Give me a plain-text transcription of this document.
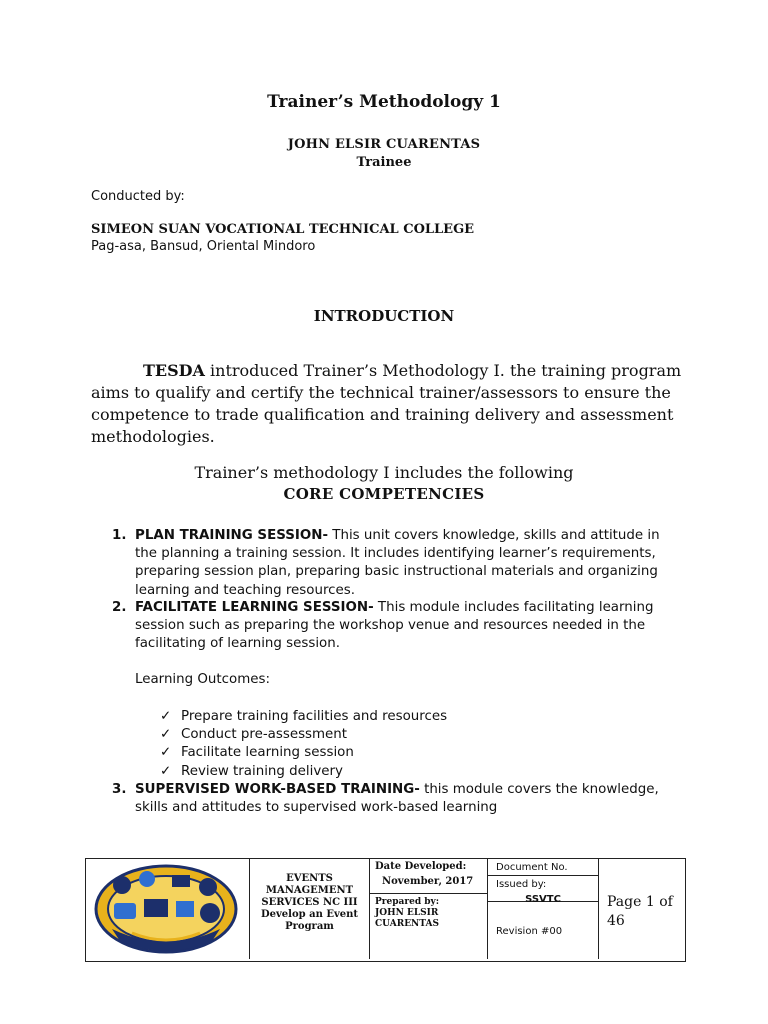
Trainer’s Methodology 1
JOHN ELSIR CUARENTAS
Trainee
Conducted by:
SIMEON SUAN VOCATIONAL TECHNICAL COLLEGE
Pag-asa, Bansud, Oriental Mindoro
INTRODUCTION
TESDA introduced Trainer’s Methodology I. the training program aims to qualify and certify the technical trainer/assessors to ensure the competence to trade qualification and training delivery and assessment methodologies.
Trainer’s methodology I includes the following
CORE COMPETENCIES
1. PLAN TRAINING SESSION- This unit covers knowledge, skills and attitude in the planning a training session. It includes identifying learner’s requirements, preparing session plan, preparing basic instructional materials and organizing learning and teaching resources.
2. FACILITATE LEARNING SESSION- This module includes facilitating learning session such as preparing the workshop venue and resources needed in the facilitating of learning session.
Learning Outcomes:
✓ Prepare training facilities and resources
✓ Conduct pre-assessment
✓ Facilitate learning session
✓ Review training delivery
3. SUPERVISED WORK-BASED TRAINING- this module covers the knowledge, skills and attitudes to supervised work-based learning
EVENTS
MANAGEMENT
SERVICES NC III
Develop an Event
Program
Date Developed:
November, 2017
Prepared by:
JOHN ELSIR
CUARENTAS
Document No.
Issued by:
SSVTC
Revision #00
Page 1 of
46
